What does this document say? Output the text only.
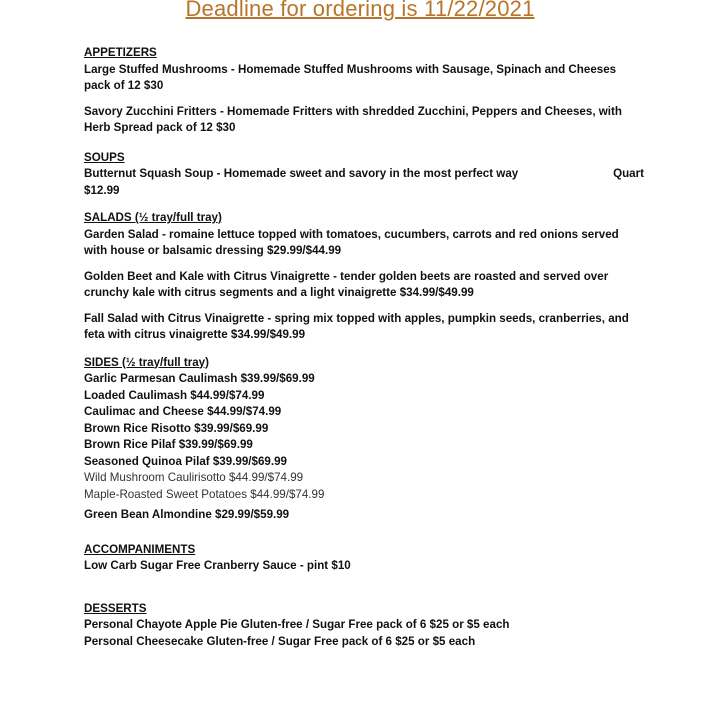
Deadline for ordering is 11/22/2021
APPETIZERS
Large Stuffed Mushrooms - Homemade Stuffed Mushrooms with Sausage, Spinach and Cheeses pack of 12 $30
Savory Zucchini Fritters - Homemade Fritters with shredded Zucchini, Peppers and Cheeses, with Herb Spread pack of 12 $30
SOUPS
Butternut Squash Soup - Homemade sweet and savory in the most perfect way	Quart
$12.99
SALADS (½ tray/full tray)
Garden Salad - romaine lettuce topped with tomatoes, cucumbers, carrots and red onions served with house or balsamic dressing $29.99/$44.99
Golden Beet and Kale with Citrus Vinaigrette - tender golden beets are roasted and served over crunchy kale with citrus segments and a light vinaigrette $34.99/$49.99
Fall Salad with Citrus Vinaigrette - spring mix topped with apples, pumpkin seeds, cranberries, and feta with citrus vinaigrette $34.99/$49.99
SIDES (½ tray/full tray)
Garlic Parmesan Caulimash $39.99/$69.99
Loaded Caulimash $44.99/$74.99
Caulimac and Cheese $44.99/$74.99
Brown Rice Risotto $39.99/$69.99
Brown Rice Pilaf $39.99/$69.99
Seasoned Quinoa Pilaf $39.99/$69.99
Wild Mushroom Caulirisotto $44.99/$74.99
Maple-Roasted Sweet Potatoes $44.99/$74.99
Green Bean Almondine $29.99/$59.99
ACCOMPANIMENTS
Low Carb Sugar Free Cranberry Sauce - pint $10
DESSERTS
Personal Chayote Apple Pie Gluten-free / Sugar Free pack of 6 $25 or $5 each
Personal Cheesecake Gluten-free / Sugar Free pack of 6 $25 or $5 each
